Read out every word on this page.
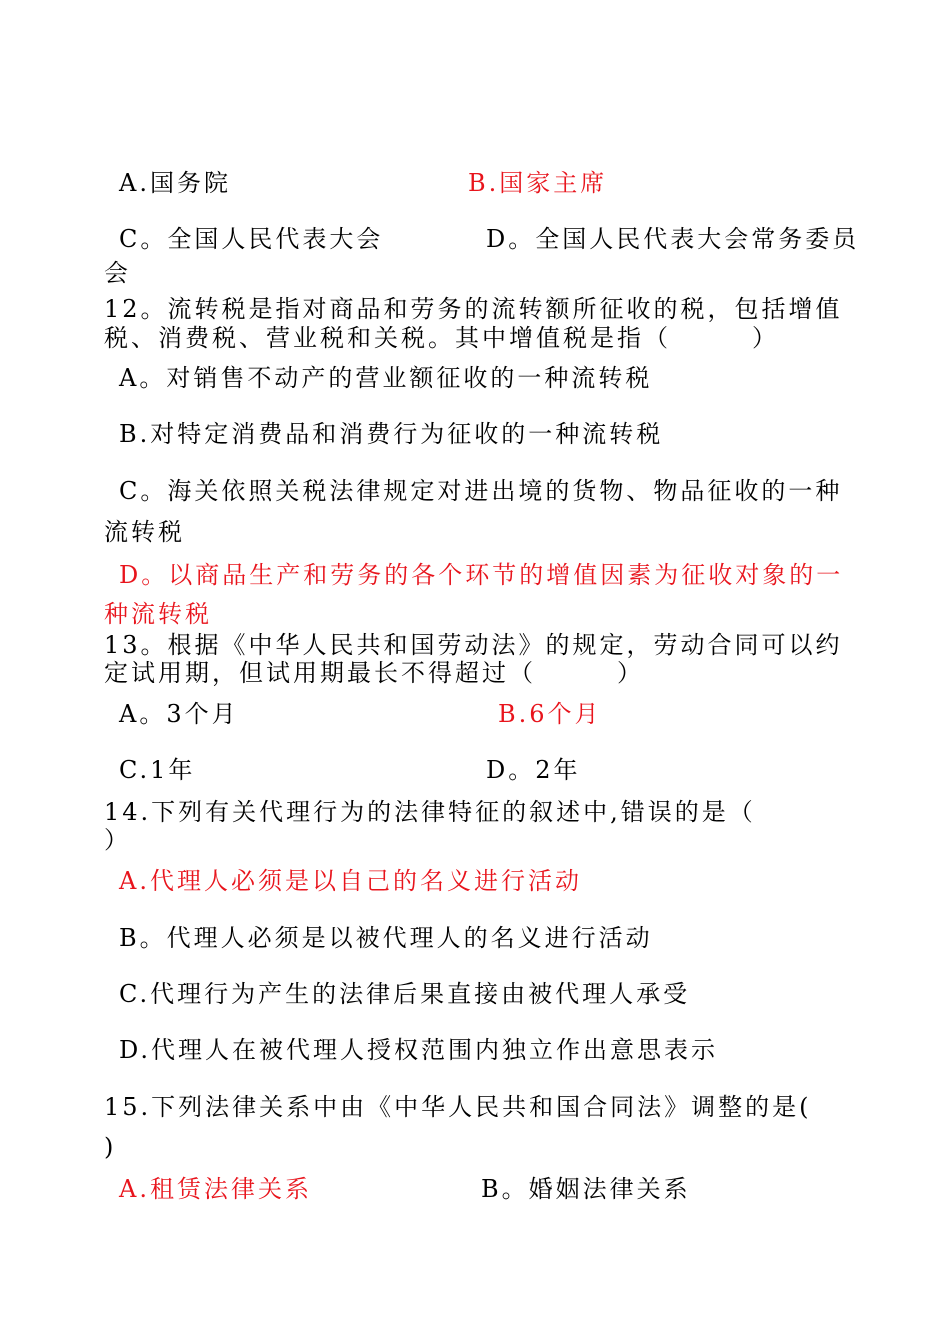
A.国务院	B.国家主席
C。全国人民代表大会	D。全国人民代表大会常务委员
会
12。流转税是指对商品和劳务的流转额所征收的税，包括增值
税、消费税、营业税和关税。其中增值税是指（　　　）
A。对销售不动产的营业额征收的一种流转税
B.对特定消费品和消费行为征收的一种流转税
C。海关依照关税法律规定对进出境的货物、物品征收的一种
流转税
D。以商品生产和劳务的各个环节的增值因素为征收对象的一
种流转税
13。根据《中华人民共和国劳动法》的规定，劳动合同可以约
定试用期，但试用期最长不得超过（　　　）
A。3个月	B.6个月
C.1年	D。2年
14.下列有关代理行为的法律特征的叙述中,错误的是（
）
A.代理人必须是以自己的名义进行活动
B。代理人必须是以被代理人的名义进行活动
C.代理行为产生的法律后果直接由被代理人承受
D.代理人在被代理人授权范围内独立作出意思表示
15.下列法律关系中由《中华人民共和国合同法》调整的是(
)
A.租赁法律关系	B。婚姻法律关系
